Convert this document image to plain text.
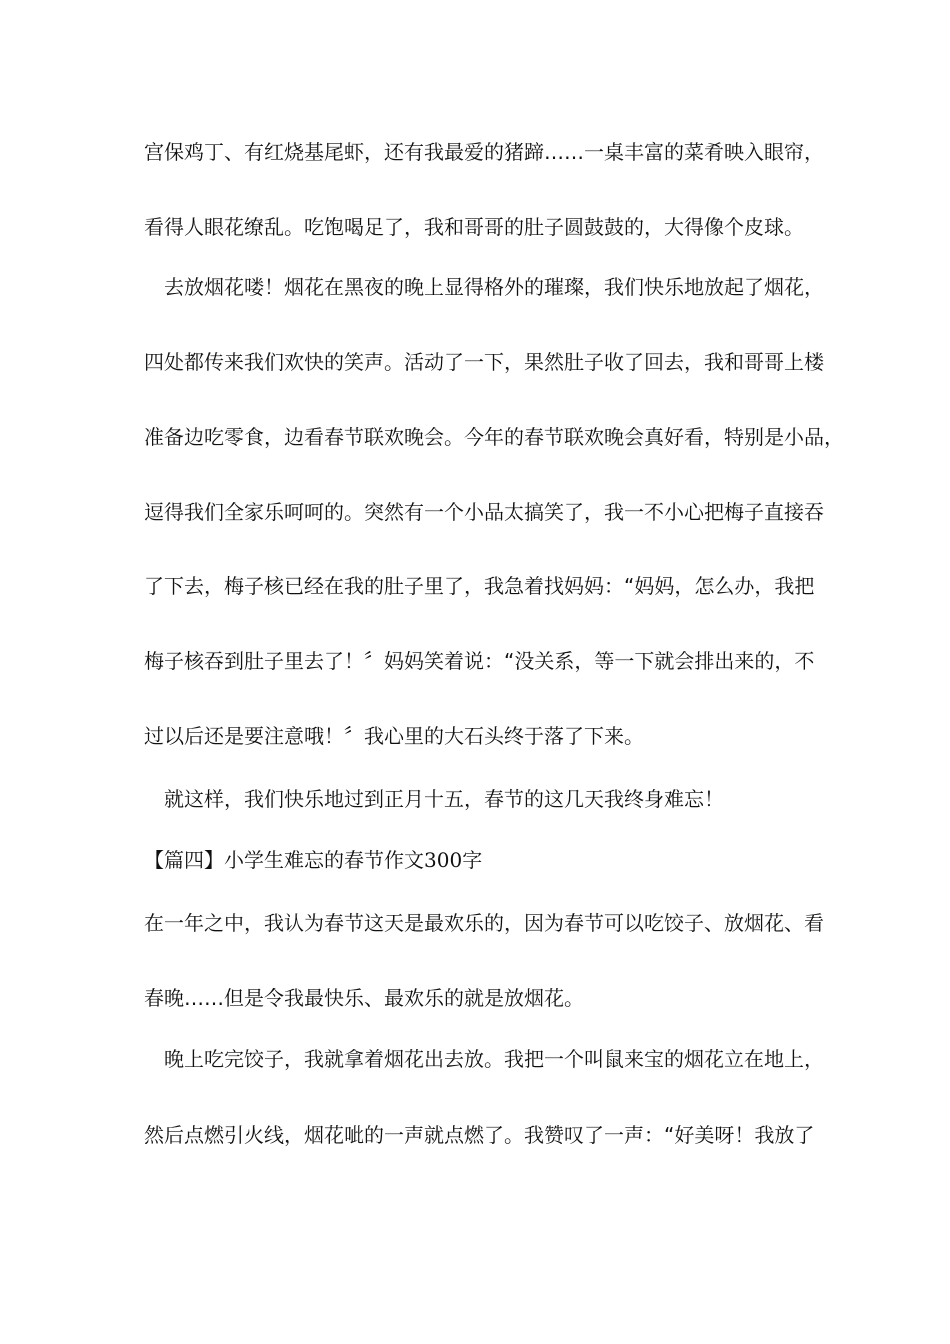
宫保鸡丁、有红烧基尾虾，还有我最爱的猪蹄……一桌丰富的菜肴映入眼帘，
看得人眼花缭乱。吃饱喝足了，我和哥哥的肚子圆鼓鼓的，大得像个皮球。
　去放烟花喽！烟花在黑夜的晚上显得格外的璀璨，我们快乐地放起了烟花，
四处都传来我们欢快的笑声。活动了一下，果然肚子收了回去，我和哥哥上楼
准备边吃零食，边看春节联欢晚会。今年的春节联欢晚会真好看，特别是小品，
逗得我们全家乐呵呵的。突然有一个小品太搞笑了，我一不小心把梅子直接吞
了下去，梅子核已经在我的肚子里了，我急着找妈妈：“妈妈，怎么办，我把
梅子核吞到肚子里去了！〞妈妈笑着说：“没关系，等一下就会排出来的，不
过以后还是要注意哦！〞我心里的大石头终于落了下来。
　就这样，我们快乐地过到正月十五，春节的这几天我终身难忘！
【篇四】小学生难忘的春节作文300字
在一年之中，我认为春节这天是最欢乐的，因为春节可以吃饺子、放烟花、看
春晚……但是令我最快乐、最欢乐的就是放烟花。
　晚上吃完饺子，我就拿着烟花出去放。我把一个叫鼠来宝的烟花立在地上，
然后点燃引火线，烟花呲的一声就点燃了。我赞叹了一声：“好美呀！我放了
